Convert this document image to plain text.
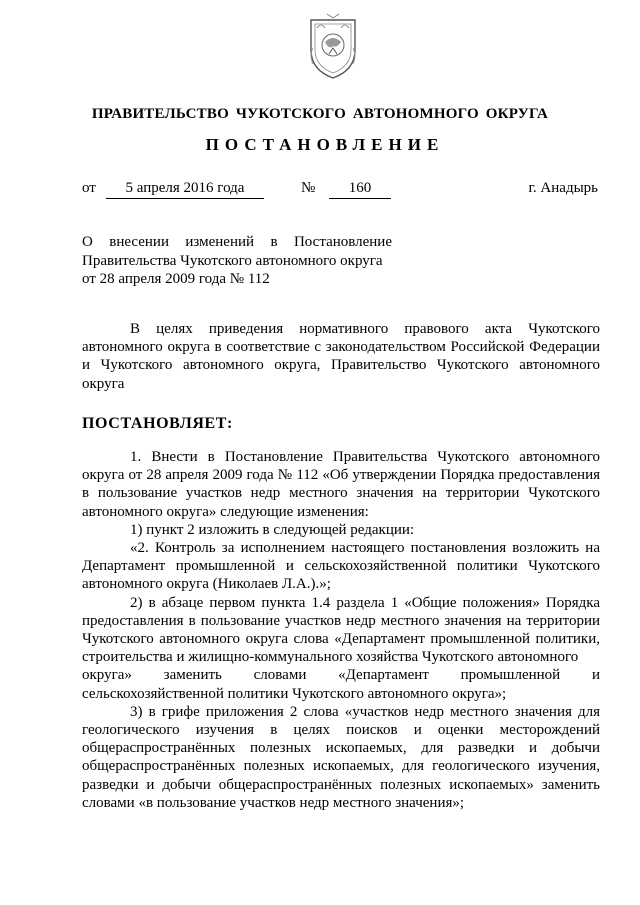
ПРАВИТЕЛЬСТВО ЧУКОТСКОГО АВТОНОМНОГО ОКРУГА
ПОСТАНОВЛЕНИЕ
от	5 апреля 2016 года	№	160	г. Анадырь
О внесении изменений в Постановление
Правительства Чукотского автономного округа
от 28 апреля 2009 года № 112

В целях приведения нормативного правового акта Чукотского автономного округа в соответствие с законодательством Российской Федерации и Чукотского автономного округа, Правительство Чукотского автономного округа

ПОСТАНОВЛЯЕТ:

1. Внести в Постановление Правительства Чукотского автономного округа от 28 апреля 2009 года № 112 «Об утверждении Порядка предоставления в пользование участков недр местного значения на территории Чукотского автономного округа» следующие изменения:

1) пункт 2 изложить в следующей редакции:

«2. Контроль за исполнением настоящего постановления возложить на Департамент промышленной и сельскохозяйственной политики Чукотского автономного округа (Николаев Л.А.).»;

2) в абзаце первом пункта 1.4 раздела 1 «Общие положения» Порядка предоставления в пользование участков недр местного значения на территории Чукотского автономного округа слова «Департамент промышленной политики, строительства и жилищно-коммунального хозяйства Чукотского автономного

округа» заменить словами «Департамент промышленной и

сельскохозяйственной политики Чукотского автономного округа»;

3) в грифе приложения 2 слова «участков недр местного значения для геологического изучения в целях поисков и оценки месторождений общераспространённых полезных ископаемых, для разведки и добычи общераспространённых полезных ископаемых, для геологического изучения, разведки и добычи общераспространённых полезных ископаемых» заменить словами «в пользование участков недр местного значения»;
